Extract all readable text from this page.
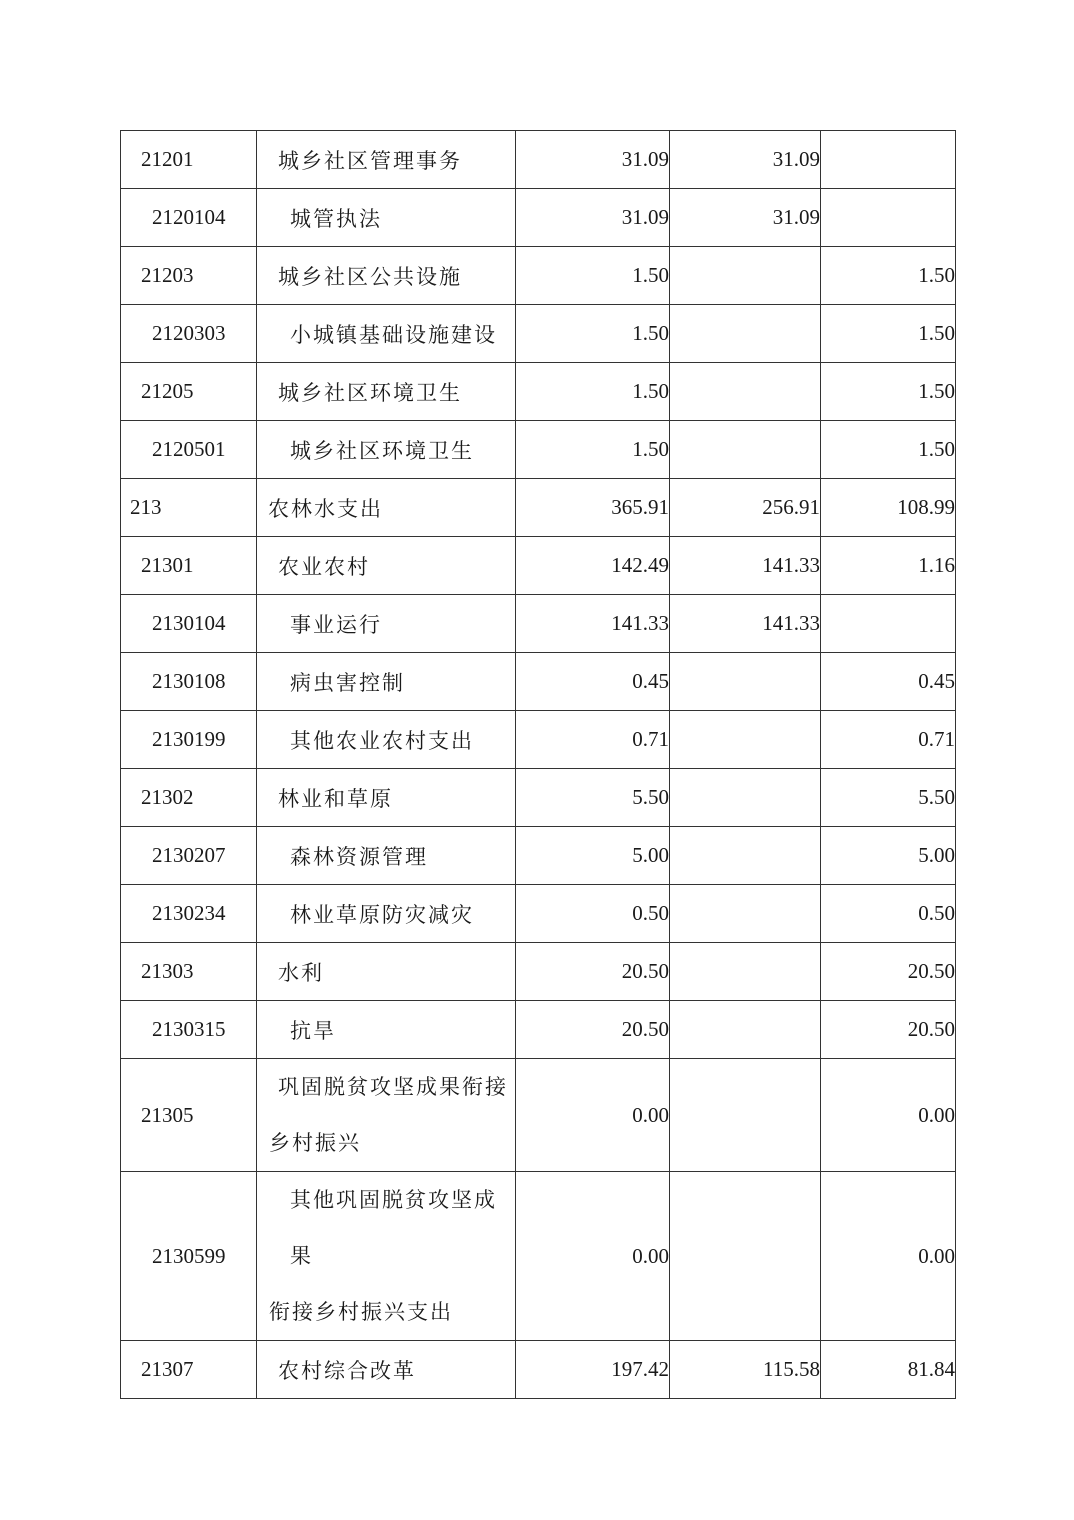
21201	城乡社区管理事务	31.09	31.09	
2120104	城管执法	31.09	31.09	
21203	城乡社区公共设施	1.50		1.50
2120303	小城镇基础设施建设	1.50		1.50
21205	城乡社区环境卫生	1.50		1.50
2120501	城乡社区环境卫生	1.50		1.50
213	农林水支出	365.91	256.91	108.99
21301	农业农村	142.49	141.33	1.16
2130104	事业运行	141.33	141.33	
2130108	病虫害控制	0.45		0.45
2130199	其他农业农村支出	0.71		0.71
21302	林业和草原	5.50		5.50
2130207	森林资源管理	5.00		5.00
2130234	林业草原防灾减灾	0.50		0.50
21303	水利	20.50		20.50
2130315	抗旱	20.50		20.50
21305	巩固脱贫攻坚成果衔接
乡村振兴	0.00		0.00
2130599	其他巩固脱贫攻坚成果
衔接乡村振兴支出	0.00		0.00
21307	农村综合改革	197.42	115.58	81.84
